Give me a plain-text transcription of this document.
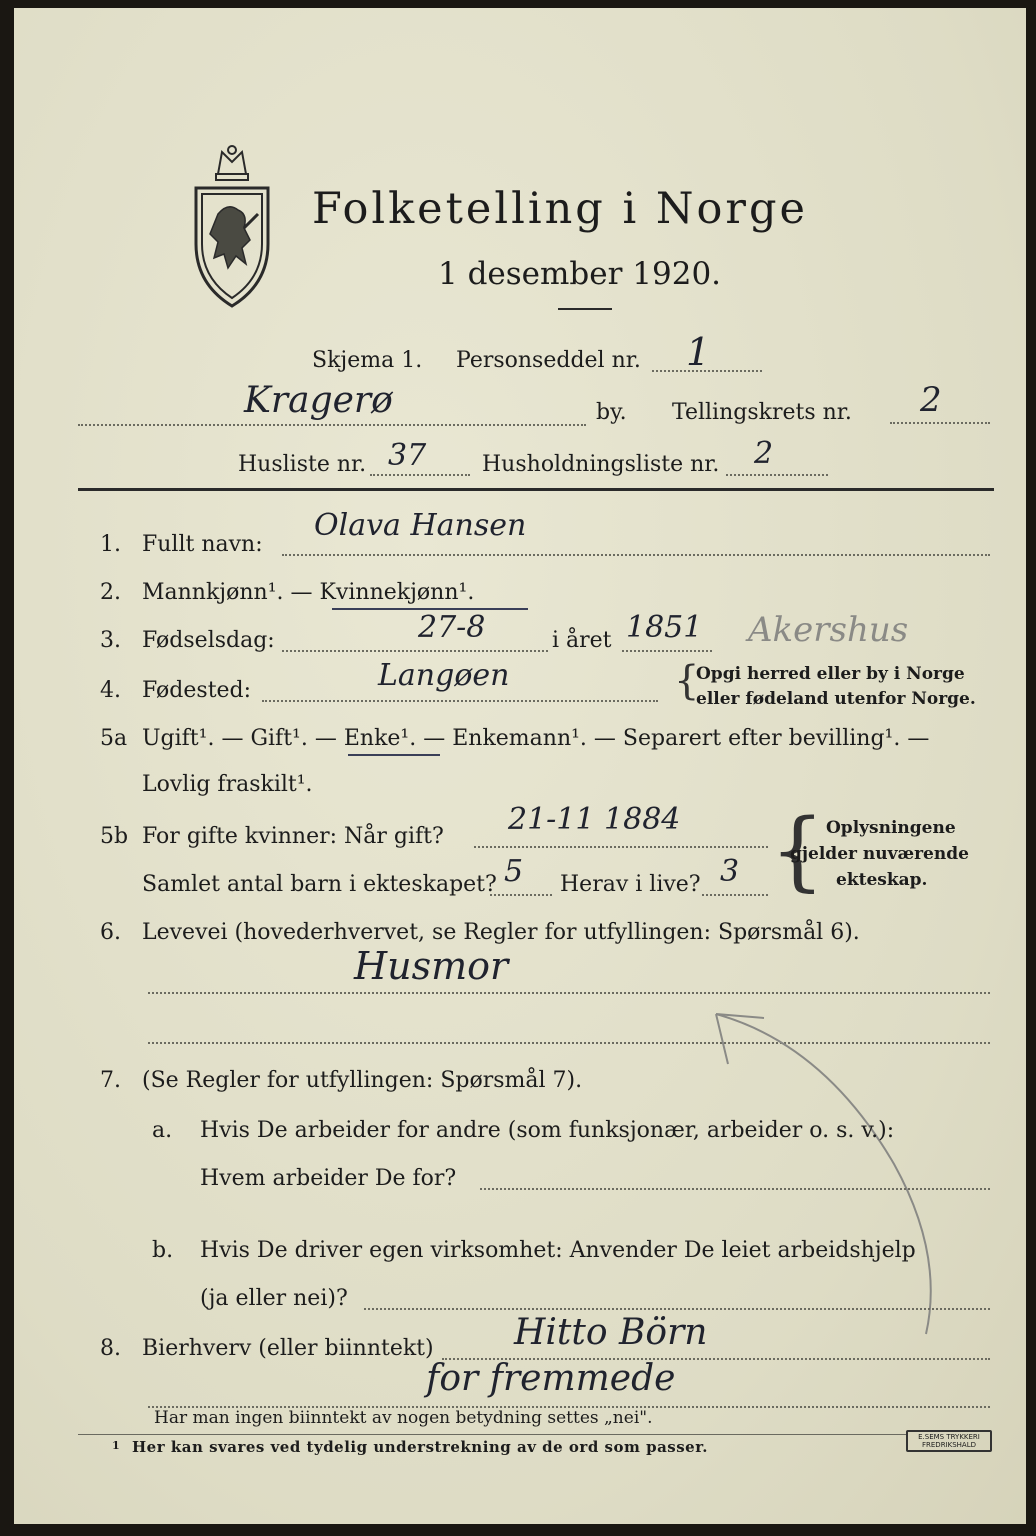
Folketelling i Norge
1 desember 1920.
Skjema 1. Personseddel nr. 1
Kragerø	by. Tellingskrets nr. 2
Husliste nr. 37	Husholdningsliste nr. 2
1. Fullt navn:
Olava Hansen
2. Mannkjønn¹. — Kvinnekjønn¹.
3. Fødselsdag:	27-8	i året 1851 Akershus
4. Fødested:	Langøen	{
Opgi herred eller by i Norge
eller fødeland utenfor Norge.
5a Ugift¹. — Gift¹. — Enke¹. — Enkemann¹. — Separert efter bevilling¹. —
Lovlig fraskilt¹.
5b For gifte kvinner: Når gift? 21-11 1884
Samlet antal barn i ekteskapet? 5 Herav i live? 3 { Oplysningene
gjelder nuværende
ekteskap.
6. Levevei (hovederhvervet, se Regler for utfyllingen: Spørsmål 6).
Husmor
7. (Se Regler for utfyllingen: Spørsmål 7).
a. Hvis De arbeider for andre (som funksjonær, arbeider o. s. v.):
Hvem arbeider De for?
b. Hvis De driver egen virksomhet: Anvender De leiet arbeidshjelp
(ja eller nei)?
8. Bierhverv (eller biinntekt) Hitto Börn
for fremmede
Har man ingen biinntekt av nogen betydning settes „nei".
1 Her kan svares ved tydelig understrekning av de ord som passer.
E.SEMS TRYKKERI FREDRIKSHALD
